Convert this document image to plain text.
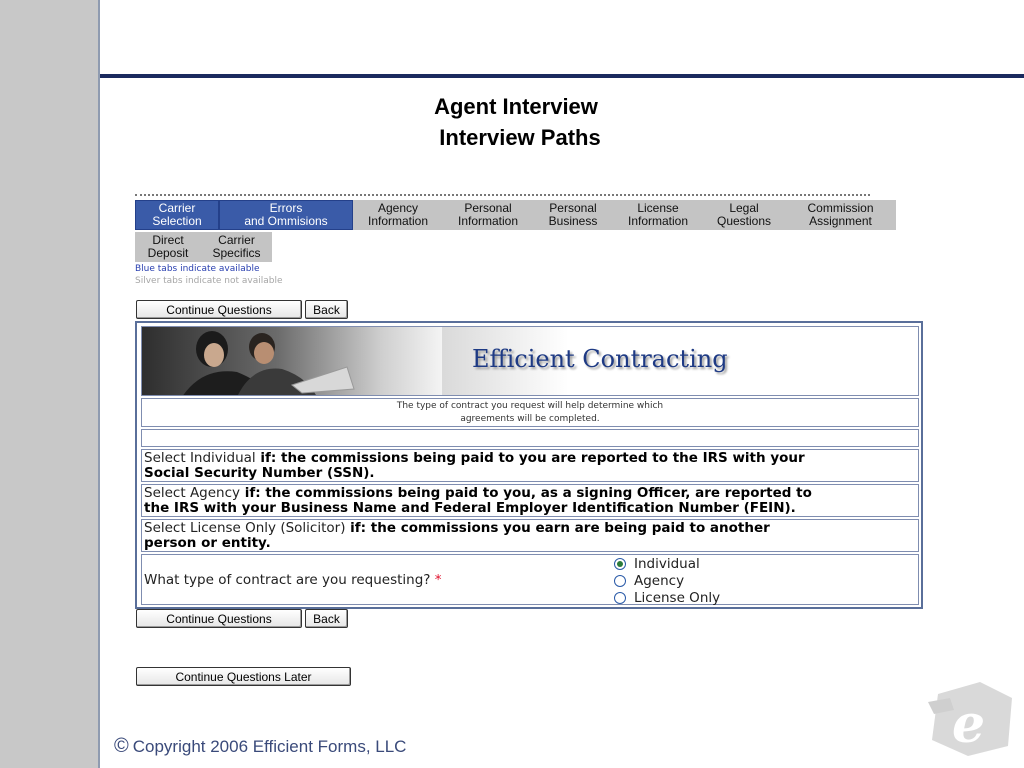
Agent Interview
Interview Paths
Carrier
Selection
Errors
and Ommisions
Agency
Information
Personal
Information
Personal
Business
License
Information
Legal
Questions
Commission
Assignment
Direct
Deposit
Carrier
Specifics
Blue tabs indicate available
Silver tabs indicate not available
Continue Questions	Back
Efficient Contracting
The type of contract you request will help determine which
agreements will be completed.
Select Individual if: the commissions being paid to you are reported to the IRS with your
Social Security Number (SSN).
Select Agency if: the commissions being paid to you, as a signing Officer, are reported to
the IRS with your Business Name and Federal Employer Identification Number (FEIN).
Select License Only (Solicitor) if: the commissions you earn are being paid to another
person or entity.
What type of contract are you requesting? *
Individual
Agency
License Only
Continue Questions	Back
Continue Questions Later
© Copyright 2006 Efficient Forms, LLC	e
